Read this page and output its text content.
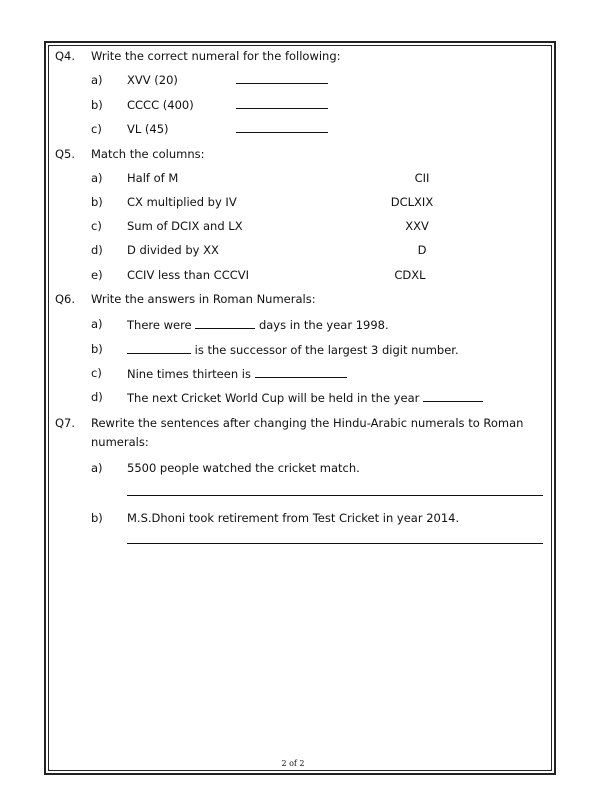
Q4. Write the correct numeral for the following:
a) XVV (20)
b) CCCC (400)
c) VL (45)
Q5. Match the columns:
a) Half of M	CII
b) CX multiplied by IV	DCLXIX
c) Sum of DCIX and LX	XXV
d) D divided by XX	D
e) CCIV less than CCCVI	CDXL
Q6. Write the answers in Roman Numerals:
a) There were	days in the year 1998.
b)	is the successor of the largest 3 digit number.
c) Nine times thirteen is
d) The next Cricket World Cup will be held in the year
Q7. Rewrite the sentences after changing the Hindu-Arabic numerals to Roman
numerals:
a) 5500 people watched the cricket match.
b) M.S.Dhoni took retirement from Test Cricket in year 2014.
2 of 2
